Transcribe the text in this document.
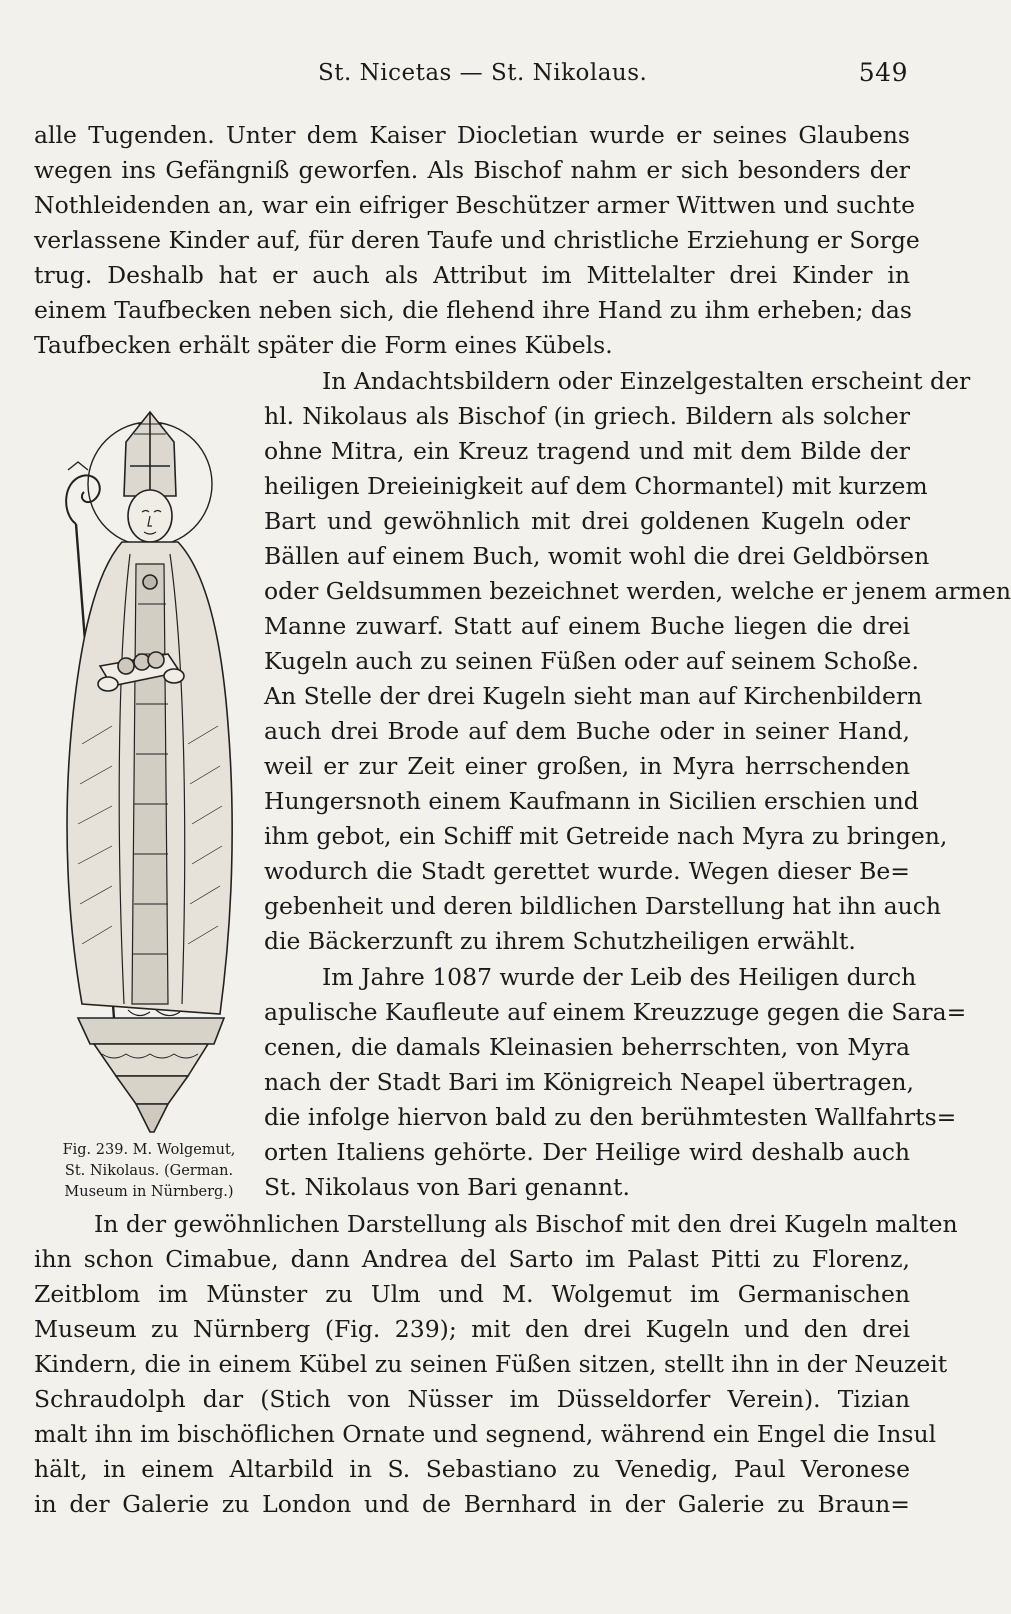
St. Nicetas — St. Nikolaus.	549
alle Tugenden. Unter dem Kaiser Diocletian wurde er seines Glaubens
wegen ins Gefängniß geworfen. Als Bischof nahm er sich besonders der
Nothleidenden an, war ein eifriger Beschützer armer Wittwen und suchte
verlassene Kinder auf, für deren Taufe und christliche Erziehung er Sorge
trug. Deshalb hat er auch als Attribut im Mittelalter drei Kinder in
einem Taufbecken neben sich, die flehend ihre Hand zu ihm erheben; das
Taufbecken erhält später die Form eines Kübels.
In Andachtsbildern oder Einzelgestalten erscheint der
hl. Nikolaus als Bischof (in griech. Bildern als solcher
ohne Mitra, ein Kreuz tragend und mit dem Bilde der
heiligen Dreieinigkeit auf dem Chormantel) mit kurzem
Bart und gewöhnlich mit drei goldenen Kugeln oder
Bällen auf einem Buch, womit wohl die drei Geldbörsen
oder Geldsummen bezeichnet werden, welche er jenem armen
Manne zuwarf. Statt auf einem Buche liegen die drei
Kugeln auch zu seinen Füßen oder auf seinem Schoße.
An Stelle der drei Kugeln sieht man auf Kirchenbildern
auch drei Brode auf dem Buche oder in seiner Hand,
weil er zur Zeit einer großen, in Myra herrschenden
Hungersnoth einem Kaufmann in Sicilien erschien und
ihm gebot, ein Schiff mit Getreide nach Myra zu bringen,
wodurch die Stadt gerettet wurde. Wegen dieser Be=
gebenheit und deren bildlichen Darstellung hat ihn auch
die Bäckerzunft zu ihrem Schutzheiligen erwählt.
Im Jahre 1087 wurde der Leib des Heiligen durch
apulische Kaufleute auf einem Kreuzzuge gegen die Sara=
cenen, die damals Kleinasien beherrschten, von Myra
nach der Stadt Bari im Königreich Neapel übertragen,
die infolge hiervon bald zu den berühmtesten Wallfahrts=
orten Italiens gehörte. Der Heilige wird deshalb auch
St. Nikolaus von Bari genannt.
In der gewöhnlichen Darstellung als Bischof mit den drei Kugeln malten
ihn schon Cimabue, dann Andrea del Sarto im Palast Pitti zu Florenz,
Zeitblom im Münster zu Ulm und M. Wolgemut im Germanischen
Museum zu Nürnberg (Fig. 239); mit den drei Kugeln und den drei
Kindern, die in einem Kübel zu seinen Füßen sitzen, stellt ihn in der Neuzeit
Schraudolph dar (Stich von Nüsser im Düsseldorfer Verein). Tizian
malt ihn im bischöflichen Ornate und segnend, während ein Engel die Insul
hält, in einem Altarbild in S. Sebastiano zu Venedig, Paul Veronese
in der Galerie zu London und de Bernhard in der Galerie zu Braun=
Fig. 239. M. Wolgemut,
St. Nikolaus. (German.
Museum in Nürnberg.)
